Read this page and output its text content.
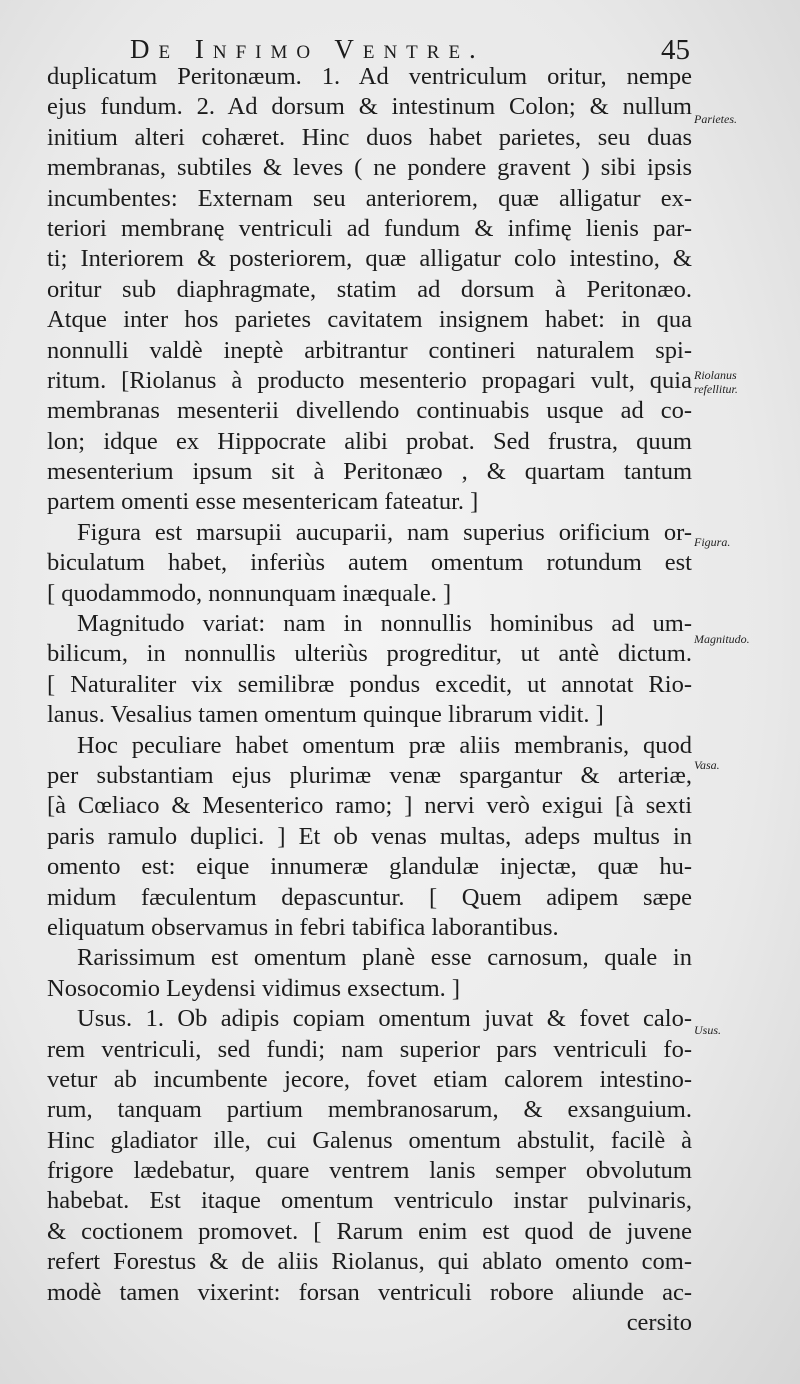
De Infimo Ventre.	45
duplicatum Peritonæum. 1. Ad ventriculum oritur, nempe
ejus fundum. 2. Ad dorsum & intestinum Colon; & nullum
initium alteri cohæret. Hinc duos habet parietes, seu duas
membranas, subtiles & leves ( ne pondere gravent ) sibi ipsis
incumbentes: Externam seu anteriorem, quæ alligatur ex-
teriori membranę ventriculi ad fundum & infimę lienis par-
ti; Interiorem & posteriorem, quæ alligatur colo intestino, &
oritur sub diaphragmate, statim ad dorsum à Peritonæo.
Atque inter hos parietes cavitatem insignem habet: in qua
nonnulli valdè ineptè arbitrantur contineri naturalem spi-
ritum. [Riolanus à producto mesenterio propagari vult, quia
membranas mesenterii divellendo continuabis usque ad co-
lon; idque ex Hippocrate alibi probat. Sed frustra, quum
mesenterium ipsum sit à Peritonæo , & quartam tantum
partem omenti esse mesentericam fateatur. ]
Figura est marsupii aucuparii, nam superius orificium or-
biculatum habet, inferiùs autem omentum rotundum est
[ quodammodo, nonnunquam inæquale. ]
Magnitudo variat: nam in nonnullis hominibus ad um-
bilicum, in nonnullis ulteriùs progreditur, ut antè dictum.
[ Naturaliter vix semilibræ pondus excedit, ut annotat Rio-
lanus. Vesalius tamen omentum quinque librarum vidit. ]
Hoc peculiare habet omentum præ aliis membranis, quod
per substantiam ejus plurimæ venæ spargantur & arteriæ,
[à Cœliaco & Mesenterico ramo; ] nervi verò exigui [à sexti
paris ramulo duplici. ] Et ob venas multas, adeps multus in
omento est: eique innumeræ glandulæ injectæ, quæ hu-
midum fæculentum depascuntur. [ Quem adipem sæpe
eliquatum observamus in febri tabifica laborantibus.
Rarissimum est omentum planè esse carnosum, quale in
Nosocomio Leydensi vidimus exsectum. ]
Usus. 1. Ob adipis copiam omentum juvat & fovet calo-
rem ventriculi, sed fundi; nam superior pars ventriculi fo-
vetur ab incumbente jecore, fovet etiam calorem intestino-
rum, tanquam partium membranosarum, & exsanguium.
Hinc gladiator ille, cui Galenus omentum abstulit, facilè à
frigore lædebatur, quare ventrem lanis semper obvolutum
habebat. Est itaque omentum ventriculo instar pulvinaris,
& coctionem promovet. [ Rarum enim est quod de juvene
refert Forestus & de aliis Riolanus, qui ablato omento com-
modè tamen vixerint: forsan ventriculi robore aliunde ac-
cersito
Parietes.
Riolanus refellitur.
Figura.
Magnitudo.
Vasa.
Usus.
